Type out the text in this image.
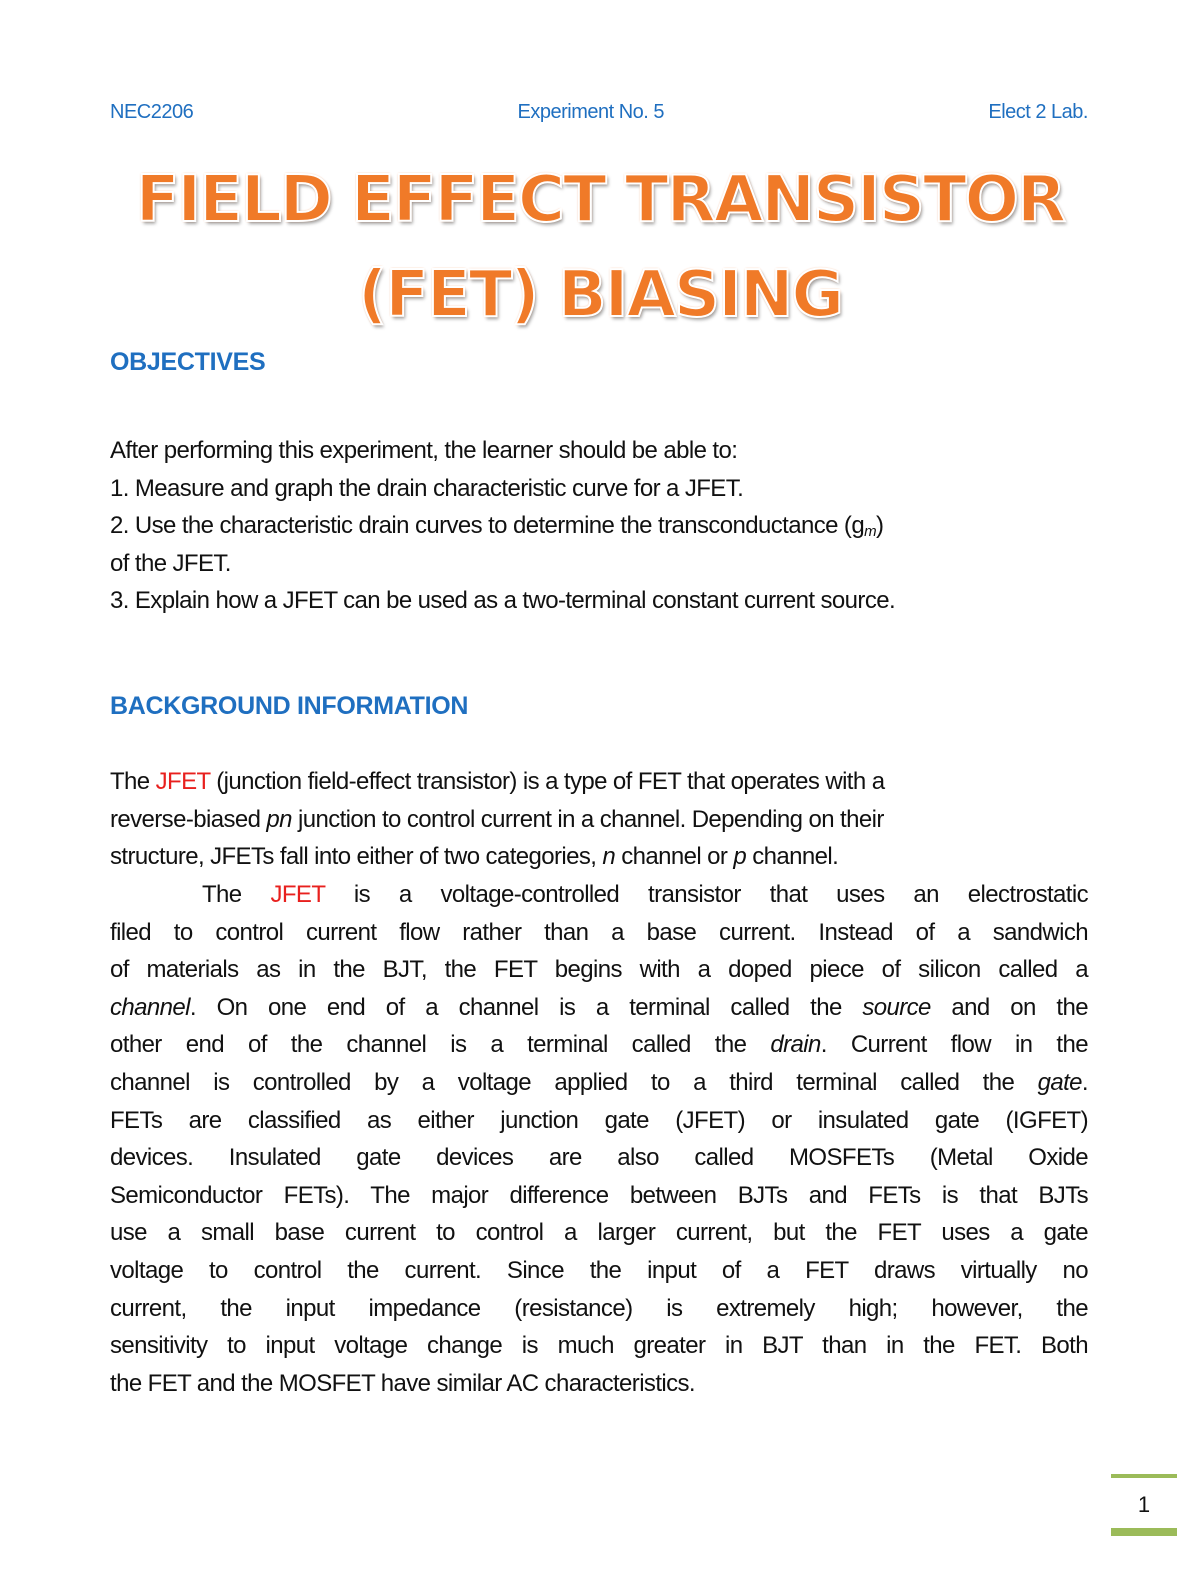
NEC2206	Experiment No. 5	Elect 2 Lab.
FIELD EFFECT TRANSISTOR
(FET) BIASING
OBJECTIVES
After performing this experiment, the learner should be able to:
1. Measure and graph the drain characteristic curve for a JFET.
2. Use the characteristic drain curves to determine the transconductance $(g_m)$
of the JFET.
3. Explain how a JFET can be used as a two-terminal constant current source.
BACKGROUND INFORMATION
The JFET (junction field-effect transistor) is a type of FET that operates with a
reverse-biased pn junction to control current in a channel. Depending on their
structure, JFETs fall into either of two categories, n channel or p channel.
The JFET is a voltage-controlled transistor that uses an electrostatic
filed to control current flow rather than a base current. Instead of a sandwich
of materials as in the BJT, the FET begins with a doped piece of silicon called a
channel. On one end of a channel is a terminal called the source and on the
other end of the channel is a terminal called the drain. Current flow in the
channel is controlled by a voltage applied to a third terminal called the gate.
FETs are classified as either junction gate (JFET) or insulated gate (IGFET)
devices. Insulated gate devices are also called MOSFETs (Metal Oxide
Semiconductor FETs). The major difference between BJTs and FETs is that BJTs
use a small base current to control a larger current, but the FET uses a gate
voltage to control the current. Since the input of a FET draws virtually no
current, the input impedance (resistance) is extremely high; however, the
sensitivity to input voltage change is much greater in BJT than in the FET. Both
the FET and the MOSFET have similar AC characteristics.
1
